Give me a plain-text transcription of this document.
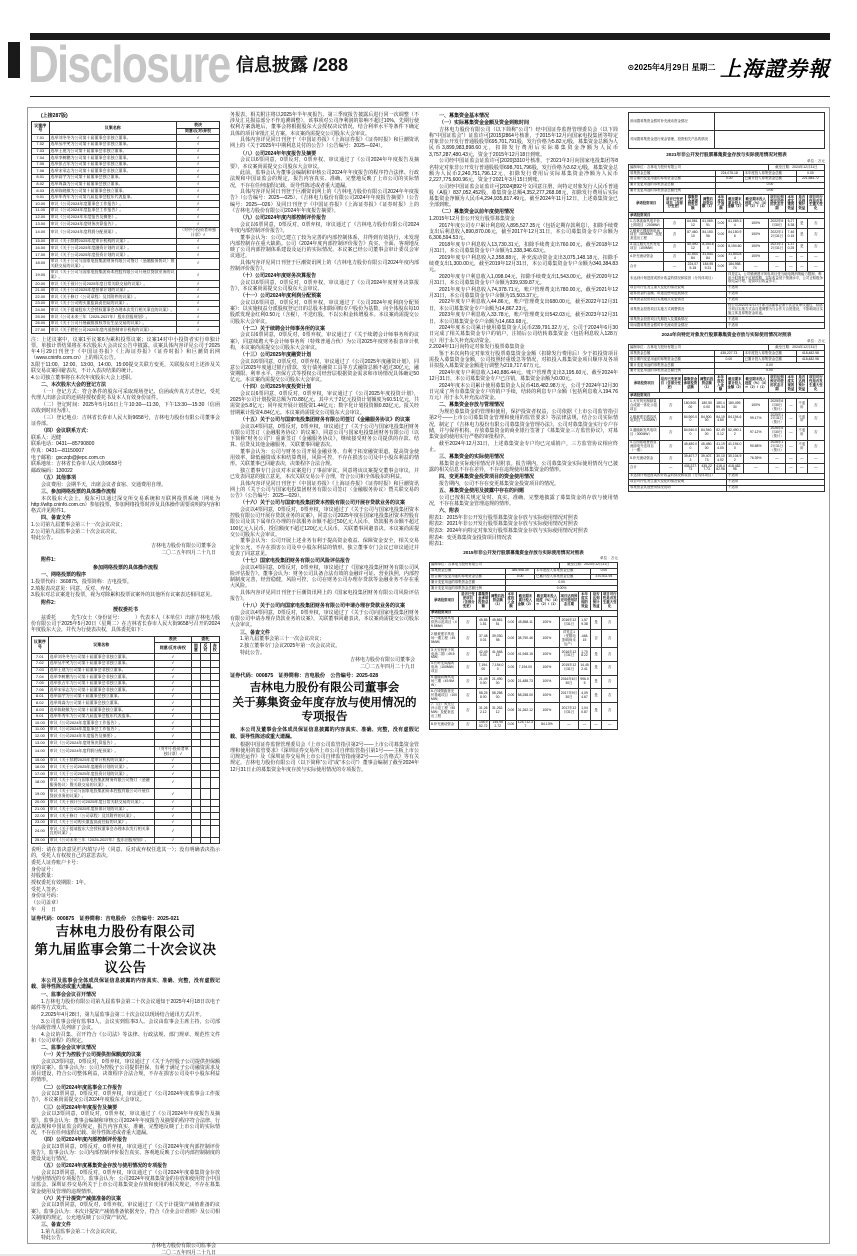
Disclosure 信息披露 /288	$^{⊙2025年4月29日 星期二}$ 上海證券報
(上接287版)
议案序号	议案名称	表决
		同意/反对/弃权
7.01	选举刘冬冬为公司第十届董事会非独立董事。	√
7.02	选举丛中笑为公司第十届董事会非独立董事。	√
7.03	选举王建为公司第十届董事会非独立董事。	√
7.04	选举李树鹏为公司第十届董事会非独立董事。	√
7.05	选举张占军为公司第十届董事会非独立董事。	√
7.06	选举宋承志为公司第十届董事会非独立董事。	√
8.01	选举高宇为公司第十届董事会独立董事。	√
8.02	选举周淼为公司第十届董事会独立董事。	√
8.03	选举陈晓敏为公司第十届董事会独立董事。	√
9.01	选举毕秀军为公司第九届监事会股东代表监事。	√
10.00	审议《公司2024年度董事会工作报告》。	√
11.00	审议《公司2024年度监事会工作报告》。	√
12.00	审议《公司2024年年度报告及摘要》。	√
13.00	审议《公司2024年度财务决算报告》。	√
14.00	审议《公司2024年度利润分配预案》。	（对中小投资者单独计票）√
15.00	审议《关于续聘2025年度审计机构的议案》。	√
16.00	审议《关于公司2025年度融资计划的议案》。	√
17.00	审议《关于公司2025年度投资计划的议案》。	√
18.00	审议《关于公司与国家电投集团财务有限公司签订〈金融服务协议〉暨关联交易的议案》。	√
19.00	审议《关于公司与国家电投集团资本控股有限公司开展存贷款业务的议案》。	√
20.00	审议《关于预计公司2025年度日常关联交易的议案》。	√
21.00	审议《关于公司2025年度担保计划的议案》。	√
22.00	审议《关于修订〈公司章程〉及其附件的议案》。	√
23.00	审议《关于公司购买董监高责任险的议案》。	√
24.00	审议《关于提请股东大会授权董事会办理本次发行相关事宜的议案》。	√
25.00	审议《公司未来三年（2025-2027年）股东回报规划》。	√
26.00	审议《关于公司开展碳排放权等衍生品交易的议案》。	√
27.00	审议《关于聘任公司2025年度内部控制审计机构的议案》。	√
注：上述议案中，议案1至议案6为累积投票议案；议案14对中小投资者实行单独计票，单独计票结果将在本次股东大会决议公告中披露。议案具体内容详见公司于2025年4月29日刊登于《中国证券报》《上海证券报》《证券时报》和巨潮资讯网（www.cninfo.com.cn）上的相关公告。
3.限于11:00、12:00、13:00、14:00、15:00提交关联方变更，关联股东对上述涉及关联交易议案回避表决，不计入表决结果的统计。
4.公司独立董事将在本次年度股东大会上述职。
二、本次股东大会的登记方法
（一）登记方式：符合条件的股东可采取现场登记、信函或传真方式登记，受托代理人出席会议的还须持授权委托书及本人有效身份证件。
（二）登记时间：2025年5月16日上午10:30—11:30，下午13:30—15:30（信函以收到时间为准）。
（三）登记地点：吉林省长春市人民大街9658号，吉林电力股份有限公司董事会证券部。
（四）会议联系方式：
联系人：迟健
联系电话：0431—85790800
传真：0431—81150007
电子邮箱：gsczqb@jlepc.com.cn
联系地址：吉林省长春市人民大街9658号
邮政编码：130022
（五）其他事项
会议费用：会期半天，出席会议者食宿、交通费用自理。
三、参加网络投票的具体操作流程
本次股东大会上，股东可以通过深交所交易系统和互联网投票系统（网址为 http://wltp.cninfo.com.cn）参加投票，参加网络投票时涉及具体操作需要说明的内容和格式详见附件1。
四、备查文件
1.公司第九届董事会第三十一次会议决议；
2.公司第九届监事会第二十次会议决议。
特此公告。
吉林电力股份有限公司董事会
二〇二五年四月二十九日
附件1：
参加网络投票的具体操作流程
一、网络投票的程序
1.投票代码：360875，投票简称：吉电投票。
2.填报表决意见：同意、反对、弃权。
3.股东对总议案进行投票，视为对除累积投票议案外的其他所有议案表达相同意见。
附件2：
授权委托书
兹委托　　　先生/女士（身份证号：　　　）代表本人（本单位）出席吉林电力股份有限公司于2025年5月20日（星期二）在吉林省长春市人民大街9658号召开的2024年度股东大会，并代为行使表决权，具体委托如下：
议案序号	议案名称	表决	委托		
		同意/反对/弃权	同意	反对	弃权
7.01	选举刘冬冬为公司第十届董事会非独立董事。	√			
7.02	选举丛中笑为公司第十届董事会非独立董事。	√			
7.03	选举王建为公司第十届董事会非独立董事。	√			
7.04	选举李树鹏为公司第十届董事会非独立董事。	√			
7.05	选举张占军为公司第十届董事会非独立董事。	√			
7.06	选举宋承志为公司第十届董事会非独立董事。	√			
8.01	选举高宇为公司第十届董事会独立董事。	√			
8.02	选举周淼为公司第十届董事会独立董事。	√			
8.03	选举陈晓敏为公司第十届董事会独立董事。	√			
9.01	选举毕秀军为公司第九届监事会股东代表监事。	√			
10.00	审议《公司2024年度董事会工作报告》。	√			
11.00	审议《公司2024年度监事会工作报告》。	√			
12.00	审议《公司2024年年度报告及摘要》。	√			
13.00	审议《公司2024年度财务决算报告》。	√			
14.00	审议《公司2024年度利润分配预案》。	（对中小投资者单独计票）√			
15.00	审议《关于续聘2025年度审计机构的议案》。	√			
16.00	审议《关于公司2025年度融资计划的议案》。	√			
17.00	审议《关于公司2025年度投资计划的议案》。	√			
18.00	审议《关于公司与国家电投集团财务有限公司签订〈金融服务协议〉暨关联交易的议案》。	√			
19.00	审议《关于公司与国家电投集团资本控股有限公司开展存贷款业务的议案》。	√			
20.00	审议《关于预计公司2025年度日常关联交易的议案》。	√			
21.00	审议《关于公司2025年度担保计划的议案》。	√			
22.00	审议《关于修订〈公司章程〉及其附件的议案》。	√			
23.00	审议《关于公司购买董监高责任险的议案》。	√			
24.00	审议《关于提请股东大会授权董事会办理本次发行相关事宜的议案》。	√			
25.00	审议《公司未来三年（2025-2027年）股东回报规划》。	√			
说明：请在表决意见栏内填写√号（同意、反对或弃权任选其一）；没有明确表决指示的，受托人有权按自己的意思表决。
委托人证券账户卡号：
身份证号：
持股数量：
授权委托有效期限：1年。
受托人签名：
身份证号码：
（公司盖章）
年　月　日
证券代码：000875　证券简称：吉电股份　公告编号：2025-021
吉林电力股份有限公司
第九届监事会第二十次会议决议公告
本公司及监事会全体成员保证信息披露的内容真实、准确、完整，没有虚假记载、误导性陈述或重大遗漏。
一、监事会会议召开情况
1.吉林电力股份有限公司第九届监事会第二十次会议通知于2025年4月18日以电子邮件等方式发出。
2.2025年4月28日，第九届监事会第二十次会议以现场结合通讯方式召开。
3.公司监事会现有监事3人，会议实到监事3人。会议由监事会主席主持，公司部分高级管理人员列席了会议。
4.会议的召集、召开符合《公司法》等法律、行政法规、部门规章、规范性文件和《公司章程》的规定。
二、监事会会议审议情况
（一）关于为控股子公司提供担保额度的议案
会议以3票同意，0票反对，0票弃权，审议通过了《关于为控股子公司提供担保额度的议案》。监事会认为：公司为控股子公司提供担保，有利于满足子公司融资需求及项目建设，符合公司整体利益，决策程序合法合规，不存在损害公司及中小股东利益的情形。
（二）公司2024年度监事会工作报告
会议以3票同意，0票反对，0票弃权，审议通过了《公司2024年度监事会工作报告》，本议案尚需提交公司2024年度股东大会审议。
（三）公司2024年年度报告及摘要
会议以3票同意，0票反对，0票弃权，审议通过了《公司2024年年度报告及摘要》。监事会认为：董事会编制和审核公司2024年年度报告及摘要的程序符合法律、行政法规和中国证监会的规定，报告内容真实、准确、完整地反映了上市公司的实际情况，不存在任何虚假记载、误导性陈述或者重大遗漏。
（四）公司2024年度内部控制评价报告
会议以3票同意，0票反对，0票弃权，审议通过了《公司2024年度内部控制评价报告》。监事会认为：公司内部控制评价报告真实、客观地反映了公司内部控制制度的建设及运行情况。
（五）公司2024年度募集资金存放与使用情况的专项报告
会议以3票同意，0票反对，0票弃权，审议通过了《公司2024年度募集资金存放与使用情况的专项报告》。监事会认为：公司2024年度募集资金的存放和使用符合中国证监会、深圳证券交易所关于上市公司募集资金存放和使用的相关规定，不存在募集资金使用及管理的违规情形。
（六）关于计提资产减值准备的议案
会议以3票同意，0票反对，0票弃权，审议通过了《关于计提资产减值准备的议案》。监事会认为：本次计提资产减值准备依据充分，符合《企业会计准则》及公司相关制度的规定，公允地反映了公司资产状况。
三、备查文件
1.第九届监事会第二十次会议决议。
特此公告。
吉林电力股份有限公司监事会
二〇二五年四月二十九日
务报表，相关附注将以2025年半年度报告、第三季度报告披露后进行同一次调整（不涉及汇兑损益部分不作追溯调整），该事项对公司净利润的影响不超过10%，先期行使权利方案落地后，董事会将根据股东大会授权决议情况，结合利率水平等条件下确定具体的项目审批汇兑方案。本议案尚需提交公司股东大会审议。
具体内容详见同日刊登于《中国证券报》《上海证券报》《证券时报》和巨潮资讯网上的《关于2025年中期利息兑付的公告》（公告编号：2025—024）。
（八）公司2024年年度报告及摘要
会议以6票同意，0票反对，0票弃权，审议通过了《公司2024年年度报告及摘要》，本议案尚需提交公司股东大会审议。
此前，监事会认为董事会编制和审核公司2024年年度报告的程序符合法律、行政法规和中国证监会的规定，报告内容真实、准确、完整地反映了上市公司的实际情况，不存在任何虚假记载、误导性陈述或者重大遗漏。
具体内容详见同日刊登于巨潮资讯网上的《吉林电力股份有限公司2024年年度报告》（公告编号：2025—025）、《吉林电力股份有限公司2024年年度报告摘要》（公告编号：2025—026）及同日刊登于《中国证券报》《上海证券报》《证券时报》上的《吉林电力股份有限公司2024年年度报告摘要》。
（九）公司2024年度内部控制评价报告
会议以6票同意，0票反对，0票弃权，审议通过了《吉林电力股份有限公司2024年度内部控制评价报告》。
董事会认为：公司已建立了较为完善的内部控制体系，并得到有效执行，未发现内部控制存在重大缺陷。公司《2024年度内部控制评价报告》真实、全面、客观地反映了公司内部控制体系建设及运行的实际情况。本议案已经公司董事会审计委员会审议通过。
具体内容详见同日刊登于巨潮资讯网上的《吉林电力股份有限公司2024年度内部控制评价报告》。
（十）公司2024年度财务决算报告
会议以6票同意，0票反对，0票弃权，审议通过了《公司2024年度财务决算报告》，本议案尚需提交公司股东大会审议。
（十一）公司2024年度利润分配预案
会议以6票同意，0票反对，0票弃权，审议通过了《公司2024年度利润分配预案》：以实施权益分派股权登记日的总股本扣除回购专户股份为基数，向全体股东每10股派发现金红利0.50元（含税），不送红股，不以公积金转增股本。本议案尚需提交公司股东大会审议。
（十二）关于续聘会计师事务所的议案
会议以6票同意，0票反对，0票弃权，审议通过了《关于续聘会计师事务所的议案》，同意续聘大华会计师事务所（特殊普通合伙）为公司2025年度财务报表审计机构，本议案尚需提交公司股东大会审议。
（十三）公司2025年度融资计划
会议以6票同意，0票反对，0票弃权，审议通过了《公司2025年度融资计划》，同意公司2025年度通过银行借款、发行债务融资工具等方式融资总额不超过30亿元，融资期限、利率水平、担保方式等授权公司经营层根据资金需求和市场情况具体确定50亿元。本议案尚需提交公司股东大会审议。
（十四）公司2025年度投资计划
会议以6票同意，0票反对，0票弃权，审议通过了《公司2025年度投资计划》，2025年公司计划投资总额为70.88亿元，其中大于2亿元投资计划额度为60.51亿元，共需资金5.8亿元；同年度开展计划投资1.44亿元；数字化计划投资额0.83亿元。报关经营期累计投资4.84亿元。本议案尚需提交公司股东大会审议。
（十五）关于公司与国家电投集团财务有限公司签订《金融服务协议》的议案
会议以4票同意，0票反对，0票弃权，审议通过了《关于公司与国家电投集团财务有限公司签订〈金融服务协议〉的议案》，同意公司与国家电投集团财务有限公司（以下简称“财务公司”）重新签订《金融服务协议》，继续接受财务公司提供的存款、结算、信贷及其他金融服务，关联董事回避表决。
董事会认为：公司与财务公司开展金融业务，有利于拓宽融资渠道、提高资金使用效率、降低融资成本和结算费用，风险可控，不存在损害公司及中小股东利益的情形。关联董事已回避表决，决策程序合法合规。
独立董事专门会议对本议案进行了事前审议，同意将该议案提交董事会审议，并已发表同意的独立意见，本次关联交易公平合理，符合公司和全体股东的利益。
具体内容详见同日刊登于《中国证券报》《上海证券报》《证券时报》和巨潮资讯网上的《关于公司与国家电投集团财务有限公司签订〈金融服务协议〉暨关联交易的公告》（公告编号：2025—029）。
（十六）关于公司与国家电投集团资本控股有限公司开展存贷款业务的议案
会议以4票同意，0票反对，0票弃权，审议通过了《关于公司与国家电投集团资本控股有限公司开展存贷款业务的议案》，同意公司2025年度在国家电投集团资本控股有限公司及其下属单位办理的存款服务余额不超过50亿元人民币，贷款服务余额不超过100亿元人民币，授信额度不超过120亿元人民币，关联董事回避表决。本议案尚需提交公司股东大会审议。
董事会认为：公司开展上述业务有利于提高资金收益、保障资金安全，相关交易定价公允，不存在损害公司及中小股东利益的情形。独立董事专门会议已审议通过并发表了同意意见。
（十七）国家电投集团财务有限公司风险评估报告
会议以4票同意，0票反对，0票弃权，审议通过了《国家电投集团财务有限公司风险评估报告》。董事会认为：财务公司具备合法有效的金融许可证、营业执照，内部控制制度完善，经营稳健，风险可控，公司在财务公司办理存贷款等金融业务不存在重大风险。
具体内容详见同日刊登于巨潮资讯网上的《国家电投集团财务有限公司风险评估报告》。
（十八）关于公司向国家电投集团财务有限公司申请办理存贷款业务的议案
会议以4票同意，0票反对，0票弃权，审议通过了《关于公司向国家电投集团财务有限公司申请办理存贷款业务的议案》，关联董事回避表决，本议案尚需提交公司股东大会审议。
三、备查文件
1.第九届董事会第三十一次会议决议；
2.独立董事专门会议2025年第一次会议决议。
特此公告。
吉林电力股份有限公司董事会
二〇二五年四月二十九日
证券代码：000875　证券简称：吉电股份　公告编号：2025-028
吉林电力股份有限公司董事会
关于募集资金年度存放与使用情况的
专项报告
本公司及董事会全体成员保证信息披露的内容真实、准确、完整，没有虚假记载、误导性陈述或重大遗漏。
根据中国证券监督管理委员会《上市公司监管指引第2号——上市公司募集资金管理和使用的监管要求》《深圳证券交易所上市公司自律监管指引第1号——主板上市公司规范运作》及《深圳证券交易所上市公司自律监管指南第2号——公告格式》等有关规定，吉林电力股份有限公司（以下简称“公司”或“本公司”）董事会编制了截至2024年12月31日止的募集资金年度存放与实际使用情况的专项报告。
一、募集资金基本情况
（一）实际募集资金金额及资金到账时间
吉林电力股份有限公司（以下简称“公司”）经中国证券监督管理委员会（以下简称“中国证监会”）证监许可[2015]2864号核准，于2015年12月向国家电投集团等特定对象非公开发行普通股股票695,701,791股，发行价格为5.82元/股，募集资金总额为人民币3,899,983,898.60元，扣除发行费用后实际募集资金净额为人民币3,757,287,480.43元，资金于2015年12月18日到账。
公司经中国证监会证监许可[2020]3310号核准，于2021年3月向国家电投集团等8名特定对象非公开发行普通股股票698,701,796股，发行价格为3.62元/股，募集资金总额为人民币2,240,751,796.12元，扣除发行费用后实际募集资金净额为人民币2,227,775,600.96元，资金于2021年3月15日到账。
公司经中国证监会证监许可[2024]892号文同意注册，向特定对象发行人民币普通股（A股）837,052,452股，募集资金总额4,352,277,268.08元，扣除发行费用后实际募集资金净额为人民币4,294,935,817.49元。截至2024年11月12日，上述募集资金已全部到账。
（二）募集资金以前年度使用情况
1.2015年12月非公开发行股票募集资金
2017年度公司专户累计利息收入895,527.35元（包括定期存款利息），扣除手续费支出后利息收入890,870.06元，截至2017年12月31日，本公司募集资金专户余额为6,306,594.53元。
2018年度专户利息收入13,730.31元，扣除手续费支出760.00元，截至2018年12月31日，本公司募集资金专户余额为1,338,346.63元。
2019年度专户利息收入2,358.88元，补充流动资金支出3,075,148.18元，扣除手续费支出1,300.00元，截至2019年12月31日，本公司募集资金专户余额为340,384.83元。
2020年度专户利息收入1,098.04元，扣除手续费支出1,543.00元，截至2020年12月31日，本公司募集资金专户余额为339,939.87元。
2021年度专户利息收入74,378.71元，账户管理费支出780.00元，截至2021年12月31日，本公司募集资金专户余额为15,503.37元。
2022年度专户利息收入44.86元，账户管理费支出680.00元，截至2022年12月31日，本公司募集资金专户余额为14,867.23元。
2023年度专户利息收入33.78元，账户管理费支出542.03元，截至2023年12月31日，本公司募集资金专户余额为14,663.68元。
2024年度本公司累计使用募集资金人民币239,791.32万元，公司于2024年6月30日完成了相关募集资金专户的销户，注销后公司结转募集资金（包括利息收入128万元）用于永久补充流动资金。
2.2024年11月向特定对象发行股票募集资金
鉴于本次向特定对象发行股票募集资金金额（扣除发行费用后）少于拟投资项目需投入募集资金金额，公司按照轻重缓急等情况，对拟投入募集资金项目顺序及各项目拟投入募集资金金额进行调整为219,717.67万元。
2024年度专户利息收入140,886.44元，账户管理费支出3,195.60元，截至2024年12月31日，本公司募集资金专户已注销，募集资金余额为0.00元。
2024年度本公司累计使用募集资金人民币418,482.98万元，公司于2024年12月30日完成了所有募集资金专户的销户手续，结转的利息专户余额（包括利息收入194.76万元）用于永久补充流动资金。
二、募集资金存放与管理情况
为规范募集资金的管理和使用，保护投资者权益，公司依据《上市公司监管指引第2号——上市公司募集资金管理和使用的监管要求》等法律法规，结合公司实际情况，制定了《吉林电力股份有限公司募集资金管理办法》。公司对募集资金实行专户存储，并与保荐机构、存放募集资金的商业银行签署了《募集资金三方监管协议》，对募集资金的使用实行严格的审批程序。
截至2024年12月31日，上述募集资金专户均已完成销户，三方监管协议相应终止。
三、募集资金的实际使用情况
募集资金实际使用情况详见附表。报告期内，公司募集资金实际使用情况与已披露的相关信息不存在差异，不存在违规使用募集资金的情形。
四、变更募集资金投资项目的资金使用情况
报告期内，公司不存在变更募集资金投资项目的情况。
五、募集资金使用及披露中存在的问题
公司已按相关规定及时、真实、准确、完整地披露了募集资金的存放与使用情况，不存在募集资金管理违规的情形。
六、附表
附表1：2015年非公开发行股票募集资金存放与实际使用情况对照表
附表2：2021年非公开发行股票募集资金存放与实际使用情况对照表
附表3：2024年向特定对象发行股票募集资金存放与实际使用情况对照表
附表4：变更募集资金投资项目情况表
附表1：
2015年非公开发行股票募集资金存放与实际使用情况对照表
单位：万元
编制单位：吉林电力股份有限公司							截至日期：2024年12月31日			
募集资金总额				389,998.39		本年度投入募集资金总额			0.00	
报告期内变更用途的募集资金总额				0.00		已累计投入募集资金总额			370,511.94	
累计变更用途的募集资金总额				0.00						
累计变更用途的募集资金总额比例				0.00%						
承诺投资项目	是否已变更项目（含部分变更）	募集资金承诺投资总额	调整后投资总额（1）	本年度投入金额	截至期末累计投入金额（2）	截至期末投入进度（%）（3）＝（2）/（1）	项目达到预定可使用状态日期	本年度实现的效益	是否达到预计效益	项目可行性是否发生重大变化
承诺投资项目										
1.白城洮南风电供热示范项目（49.5MW）	否	45,861.51	45,861.51	0.00	45,858.11	100%	2016年12月31日	1,579.38	是	否
2.镇赉建平风电场一期工程（49.5MW）	否	37,480.01	39,030.98	0.00	38,790.46	100%	详见注1（受限电影响尚未达产）	-448.15	否	否
3.大安两家子风电场二期（49.5MW）	否	42,490.03	41,948.15	0.00	41,948.15	100%	2016年12月31日	1,708.22	是	否
4.长岭龙凤湖风电场（100MW）项目	否	7,194.00	7,194.00	0.00	7,194.00	100%	2015年12月31日	14,452.41	是	否
5.通榆向海风电场三期（49.5MW）	否	21,490.00	21,490.00	0.00	21,488.73	100%	2016年6月30日	996.05	是	否
6.白城领跑者光伏基地项目（100MW）	否	58,258.00	58,258.00	0.00	58,258.00	100%	2017年9月30日	4,094.67	是	否
7.（注）风光互补示范工程（50MW）及配套送出工程	否	31,262.12	31,262.12	0.00	31,262.12	100%	2017年12月31日	1,040.87	是	否
8.补充流动资金	否	145,952.72	145,952.72	0.00	125,712.37	84.13%	—	—	—	—
用闲置募集资金暂时补充流动资金情况	
对闲置募集资金进行现金管理、投资相关产品的情况	
2021年非公开发行股票募集资金存放与实际使用情况对照表
单位：万元
编制单位：吉林电力股份有限公司							截至日期：2024年12月31日			
募集资金总额				224,075.18		本年度投入募集资金总额			0.00	
报告期内变更用途的募集资金总额				0.00		已累计投入募集资金总额			221,584.72	
累计变更用途的募集资金总额				0.00						
累计变更用途的募集资金总额比例				0.00						
承诺投资项目	是否已变更项目（含部分变更）	募集资金承诺投资总额	调整后投资总额（1）	本年度投入金额	截至期末累计投入金额（2）	截至期末投入进度（%）（3）＝（2）/（1）	项目达到预定可使用状态日期	本年度实现的效益	是否达到预计效益	项目可行性是否发生重大变化
承诺投资项目										
1.吉林洮南风电平价上网项目（200MW）	否	64,581.12	61,069.91	0.00	61,069.34	100%	2022年6月30日	5,278.38	是	否
2.镇赉五棵树风电场项目（400MW）及配套送出工程	否	87,460.10	84,150.96	0.00	84,150.96	100%	2022年12月31日	7,460.15	是	否
3.双辽服先光伏发电项目（100MW）	否	40,490.12	8,194.60	0.00	8,194.60	100%	2021年12月31日	1,370.25	是	否
4.补充流动资金	否	31,543.84	31,543.84	0.00	31,543.84	100%	—	—	—	—
合计	—	224,075.18	184,959.31	0.00	184,958.74	—	—	—	—	—
未达到计划进度或预计收益的情况和原因（分具体项目）					详见注1。公司镇赉建平风电项目受当地电网消纳能力限制，利用小时数低于可研预期，实际收益低于预测水平，公司正积极争取电量计划，提高项目收益水平。					
项目可行性发生重大变化的情况说明					不适用					
超募资金的金额、用途及使用进展情况					不适用					
募集资金投资项目实施地点变更情况					不适用					
募集资金投资项目实施方式调整情况					经公司2023年4月27日第九届董事会第十次会议审议通过，将部分项目实施方式由自建调整为与合作方合资建设，不影响项目实施主体及募集资金用途。					
募集资金投资项目先期投入及置换情况					不适用					
用闲置募集资金暂时补充流动资金情况					不适用					
2024年向特定对象发行股票募集资金存放与实际使用情况对照表
单位：万元
编制单位：吉林电力股份有限公司							截至日期：2024年12月31日			
募集资金总额				435,227.73		本年度投入募集资金总额			418,482.98	
报告期内变更用途的募集资金总额				0.00		已累计投入募集资金总额			418,482.98	
累计变更用途的募集资金总额				0.00						
累计变更用途的募集资金总额比例				0.00						
承诺投资项目	是否已变更项目（含部分变更）	募集资金承诺投资总额	调整后投资总额（1）	本年度投入金额	截至期末累计投入金额（2）	截至期末投入进度（%）（3）＝（2）/（1）	项目达到预定可使用状态日期	本年度实现的效益	是否达到预计效益	项目可行性是否发生重大变化
承诺投资项目										
1.大安风光制绿氢合成氨一体化示范项目	否	180,500.00	180,500.00	180,499.34	180,499.34	100%	2025年6月30日（预计）	—	不适用	否
2.镇赉建平增容风电项目（200MW）	否	84,900.00	84,900.00	84,194.60	84,194.60	99.17%	2025年12月31日（预计）	—	不适用	否
3.通榆新发风电项目（300MW）	否	84,940.00	84,940.00	82,490.12	82,490.12	97.12%	2026年6月30日（预计）	—	不适用	否
4.吉西基地鲁固直流绿电外送项目（一期）	否	45,480.00	45,480.00	41,194.00	41,194.00	90.58%	2026年12月31日（预计）	—	不适用	否
5.补充流动资金	否	39,407.73	39,407.73	30,104.92	30,104.92	76.39%	—	—	—	—
合计	—	435,227.73	435,227.73	418,482.98	418,482.98	—	—	—	—	—
未达到计划进度或预计收益的情况和原因（分具体项目）					不适用					
项目可行性发生重大变化的情况说明					不适用					
募集资金其他使用情况说明					不适用					
